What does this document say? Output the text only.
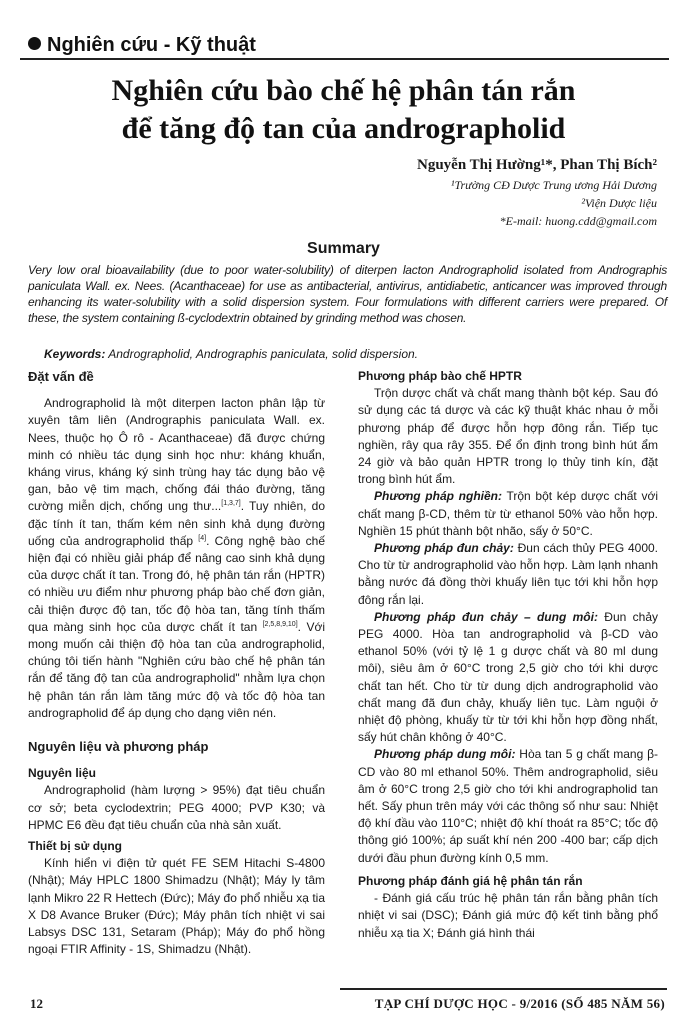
Nghiên cứu - Kỹ thuật
Nghiên cứu bào chế hệ phân tán rắn
để tăng độ tan của andrographolid
Nguyễn Thị Hường¹*, Phan Thị Bích²
¹Trường CĐ Dược Trung ương Hải Dương
²Viện Dược liệu
*E-mail: huong.cdd@gmail.com
Summary
Very low oral bioavailability (due to poor water-solubility) of diterpen lacton Andrographolid isolated from Andrographis paniculata Wall. ex. Nees. (Acanthaceae) for use as antibacterial, antivirus, antidiabetic, anticancer was improved through enhancing its water-solubility with a solid dispersion system. Four formulations with different carriers were prepared. Of these, the system containing ß-cyclodextrin obtained by grinding method was chosen.
Keywords: Andrographolid, Andrographis paniculata, solid dispersion.
Đặt vấn đề

Andrographolid là một diterpen lacton phân lập từ xuyên tâm liên (Andrographis paniculata Wall. ex. Nees, thuộc họ Ô rô - Acanthaceae) đã được chứng minh có nhiều tác dụng sinh học như: kháng khuẩn, kháng virus, kháng ký sinh trùng hay tác dụng bảo vệ gan, bảo vệ tim mạch, chống đái tháo đường, tăng cường miễn dịch, chống ung thư...[1,3,7]. Tuy nhiên, do đặc tính ít tan, thấm kém nên sinh khả dụng đường uống của andrographolid thấp [4]. Công nghệ bào chế hiện đại có nhiều giải pháp để nâng cao sinh khả dụng của dược chất ít tan. Trong đó, hệ phân tán rắn (HPTR) có nhiều ưu điểm như phương pháp bào chế đơn giản, cải thiện được độ tan, tốc độ hòa tan, tăng tính thấm qua màng sinh học của dược chất ít tan [2,5,8,9,10]. Với mong muốn cải thiện độ hòa tan của andrographolid, chúng tôi tiến hành "Nghiên cứu bào chế hệ phân tán rắn để tăng độ tan của andrographolid" nhằm lựa chọn hệ phân tán rắn làm tăng mức độ và tốc độ hòa tan andrographolid để áp dụng cho dạng viên nén.

Nguyên liệu và phương pháp
Nguyên liệu

Andrographolid (hàm lượng > 95%) đạt tiêu chuẩn cơ sở; beta cyclodextrin; PEG 4000; PVP K30; và HPMC E6 đều đạt tiêu chuẩn của nhà sản xuất.

Thiết bị sử dụng

Kính hiển vi điện tử quét FE SEM Hitachi S-4800 (Nhật); Máy HPLC 1800 Shimadzu (Nhật); Máy ly tâm lạnh Mikro 22 R Hettech (Đức); Máy đo phổ nhiễu xạ tia X D8 Avance Bruker (Đức); Máy phân tích nhiệt vi sai Labsys DSC 131, Setaram (Pháp); Máy đo phổ hồng ngoại FTIR Affinity - 1S, Shimadzu (Nhật).

Phương pháp bào chế HPTR

Trộn dược chất và chất mang thành bột kép. Sau đó sử dụng các tá dược và các kỹ thuật khác nhau ở mỗi phương pháp để được hỗn hợp đông rắn. Tiếp tục nghiền, rây qua rây 355. Để ổn định trong bình hút ẩm 24 giờ và bảo quản HPTR trong lọ thủy tinh kín, đặt trong bình hút ẩm.

Phương pháp nghiền: Trộn bột kép dược chất với chất mang β-CD, thêm từ từ ethanol 50% vào hỗn hợp. Nghiền 15 phút thành bột nhão, sấy ở 50°C.

Phương pháp đun chảy: Đun cách thủy PEG 4000. Cho từ từ andrographolid vào hỗn hợp. Làm lạnh nhanh bằng nước đá đồng thời khuấy liên tục tới khi hỗn hợp đông rắn lại.

Phương pháp đun chảy – dung môi: Đun chảy PEG 4000. Hòa tan andrographolid và β-CD vào ethanol 50% (với tỷ lệ 1 g dược chất và 80 ml dung môi), siêu âm ở 60°C trong 2,5 giờ cho tới khi dược chất tan hết. Cho từ từ dung dịch andrographolid vào chất mang đã đun chảy, khuấy liên tục. Làm nguội ở nhiệt độ phòng, khuấy từ từ tới khi hỗn hợp đồng nhất, sấy hút chân không ở 40°C.

Phương pháp dung môi: Hòa tan 5 g chất mang β-CD vào 80 ml ethanol 50%. Thêm andrographolid, siêu âm ở 60°C trong 2,5 giờ cho tới khi andrographolid tan hết. Sấy phun trên máy với các thông số như sau: Nhiệt độ khí đầu vào 110°C; nhiệt độ khí thoát ra 85°C; tốc độ thông gió 100%; áp suất khí nén 200 -400 bar; cấp dịch dưới đầu phun đường kính 0,5 mm.

Phương pháp đánh giá hệ phân tán rắn

- Đánh giá cấu trúc hệ phân tán rắn bằng phân tích nhiệt vi sai (DSC); Đánh giá mức độ kết tinh bằng phổ nhiễu xạ tia X; Đánh giá hình thái

12	TẠP CHÍ DƯỢC HỌC - 9/2016 (SỐ 485 NĂM 56)
